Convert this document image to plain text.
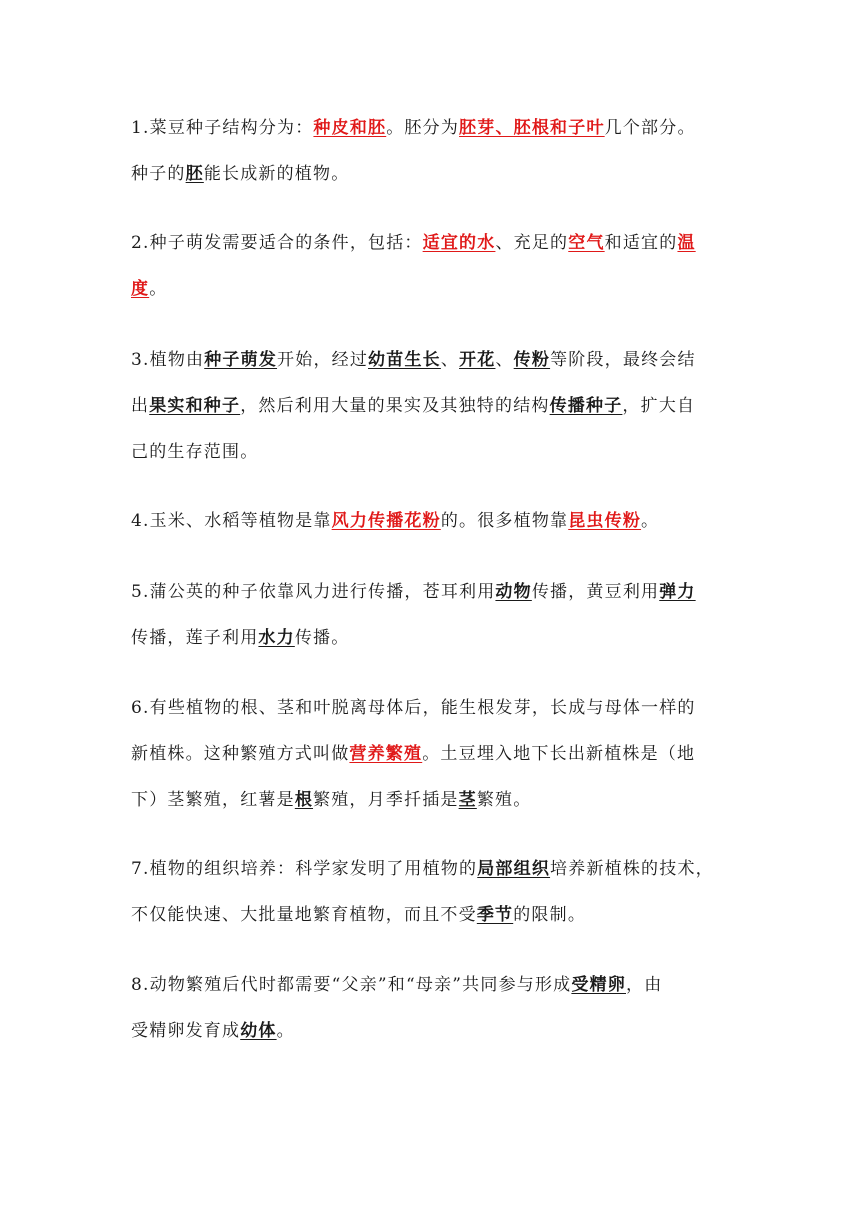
1.菜豆种子结构分为：种皮和胚。胚分为胚芽、胚根和子叶几个部分。
种子的胚能长成新的植物。
2.种子萌发需要适合的条件，包括：适宜的水、充足的空气和适宜的温
度。
3.植物由种子萌发开始，经过幼苗生长、开花、传粉等阶段，最终会结
出果实和种子，然后利用大量的果实及其独特的结构传播种子，扩大自
己的生存范围。
4.玉米、水稻等植物是靠风力传播花粉的。很多植物靠昆虫传粉。
5.蒲公英的种子依靠风力进行传播，苍耳利用动物传播，黄豆利用弹力
传播，莲子利用水力传播。
6.有些植物的根、茎和叶脱离母体后，能生根发芽，长成与母体一样的
新植株。这种繁殖方式叫做营养繁殖。土豆埋入地下长出新植株是（地
下）茎繁殖，红薯是根繁殖，月季扦插是茎繁殖。
7.植物的组织培养：科学家发明了用植物的局部组织培养新植株的技术，
不仅能快速、大批量地繁育植物，而且不受季节的限制。
8.动物繁殖后代时都需要“父亲”和“母亲”共同参与形成受精卵，由
受精卵发育成幼体。
